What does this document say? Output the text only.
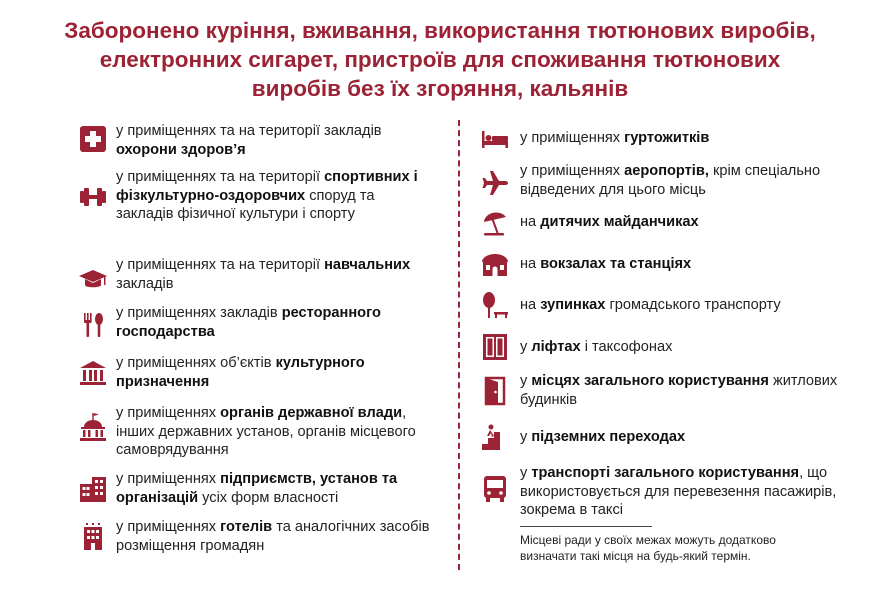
Заборонено куріння, вживання, використання тютюнових виробів, електронних сигарет, пристроїв для споживання тютюнових виробів без їх згоряння, кальянів
у приміщеннях та на території закладів охорони здоров’я
у приміщеннях та на території спортивних і фізкультурно-оздоровчих споруд та закладів фізичної культури і спорту
у приміщеннях та на території навчальних закладів
у приміщеннях закладів ресторанного господарства
у приміщеннях об’єктів культурного призначення
у приміщеннях органів державної влади, інших державних установ, органів місцевого самоврядування
у приміщеннях підприємств, установ та організацій усіх форм власності
у приміщеннях готелів та аналогічних засобів розміщення громадян
у приміщеннях гуртожитків
у приміщеннях аеропортів, крім спеціально відведених для цього місць
на дитячих майданчиках
на вокзалах та станціях
на зупинках громадського транспорту
у ліфтах і таксофонах
у місцях загального користування житлових будинків
у підземних переходах
у транспорті загального користування, що використовується для перевезення пасажирів, зокрема в таксі
Місцеві ради у своїх межах можуть додатково визначати такі місця на будь-який термін.
